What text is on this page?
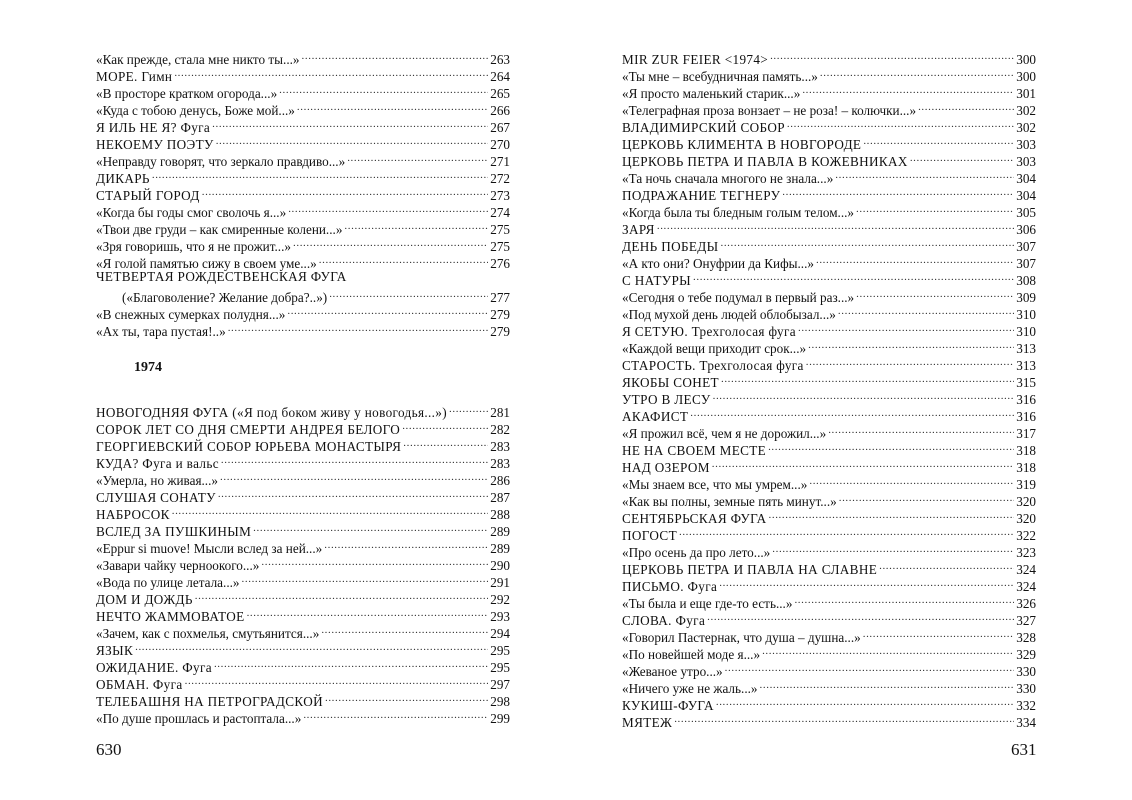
«Как прежде, стала мне никто ты...» .....	263
МОРЕ. Гимн .....	264
«В просторе кратком огорода...» .....	265
«Куда с тобою денусь, Боже мой...» .....	266
Я ИЛЬ НЕ Я? Фуга .....	267
НЕКОЕМУ ПОЭТУ .....	270
«Неправду говорят, что зеркало правдиво...» .....	271
ДИКАРЬ .....	272
СТАРЫЙ ГОРОД .....	273
«Когда бы годы смог сволочь я...» .....	274
«Твои две груди – как смиренные колени...» .....	275
«Зря говоришь, что я не прожит...» .....	275
«Я голой памятью сижу в своем уме...» .....	276
ЧЕТВЕРТАЯ РОЖДЕСТВЕНСКАЯ ФУГА
(«Благоволение? Желание добра?..») .....	277
«В снежных сумерках полудня...» .....	279
«Ах ты, тара пустая!..» .....	279
1974
НОВОГОДНЯЯ ФУГА («Я под боком живу у новогодья...») .....	281
СОРОК ЛЕТ СО ДНЯ СМЕРТИ АНДРЕЯ БЕЛОГО .....	282
ГЕОРГИЕВСКИЙ СОБОР ЮРЬЕВА МОНАСТЫРЯ .....	283
КУДА? Фуга и вальс .....	283
«Умерла, но живая...» .....	286
СЛУШАЯ СОНАТУ .....	287
НАБРОСОК .....	288
ВСЛЕД ЗА ПУШКИНЫМ .....	289
«Eppur si muove! Мысли вслед за ней...» .....	289
«Завари чайку черноокого...» .....	290
«Вода по улице летала...» .....	291
ДОМ И ДОЖДЬ .....	292
НЕЧТО ЖАММОВАТОЕ .....	293
«Зачем, как с похмелья, смутьянится...» .....	294
ЯЗЫК .....	295
ОЖИДАНИЕ. Фуга .....	295
ОБМАН. Фуга .....	297
ТЕЛЕБАШНЯ НА ПЕТРОГРАДСКОЙ .....	298
«По душе прошлась и растоптала...» .....	299
MIR ZUR FEIER <1974> .....	300
«Ты мне – всебудничная память...» .....	300
«Я просто маленький старик...» .....	301
«Телеграфная проза вонзает – не роза! – колючки...» .....	302
ВЛАДИМИРСКИЙ СОБОР .....	302
ЦЕРКОВЬ КЛИМЕНТА В НОВГОРОДЕ .....	303
ЦЕРКОВЬ ПЕТРА И ПАВЛА В КОЖЕВНИКАХ .....	303
«Та ночь сначала многого не знала...» .....	304
ПОДРАЖАНИЕ ТЕГНЕРУ .....	304
«Когда была ты бледным голым телом...» .....	305
ЗАРЯ .....	306
ДЕНЬ ПОБЕДЫ .....	307
«А кто они? Онуфрии да Кифы...» .....	307
С НАТУРЫ .....	308
«Сегодня о тебе подумал в первый раз...» .....	309
«Под мухой день людей облобызал...» .....	310
Я СЕТУЮ. Трехголосая фуга .....	310
«Каждой вещи приходит срок...» .....	313
СТАРОСТЬ. Трехголосая фуга .....	313
ЯКОБЫ СОНЕТ .....	315
УТРО В ЛЕСУ .....	316
АКАФИСТ .....	316
«Я прожил всё, чем я не дорожил...» .....	317
НЕ НА СВОЕМ МЕСТЕ .....	318
НАД ОЗЕРОМ .....	318
«Мы знаем все, что мы умрем...» .....	319
«Как вы полны, земные пять минут...» .....	320
СЕНТЯБРЬСКАЯ ФУГА .....	320
ПОГОСТ .....	322
«Про осень да про лето...» .....	323
ЦЕРКОВЬ ПЕТРА И ПАВЛА НА СЛАВНЕ .....	324
ПИСЬМО. Фуга .....	324
«Ты была и еще где-то есть...» .....	326
СЛОВА. Фуга .....	327
«Говорил Пастернак, что душа – душна...» .....	328
«По новейшей моде я...» .....	329
«Жеваное утро...» .....	330
«Ничего уже не жаль...» .....	330
КУКИШ-ФУГА .....	332
МЯТЕЖ .....	334
630	631
